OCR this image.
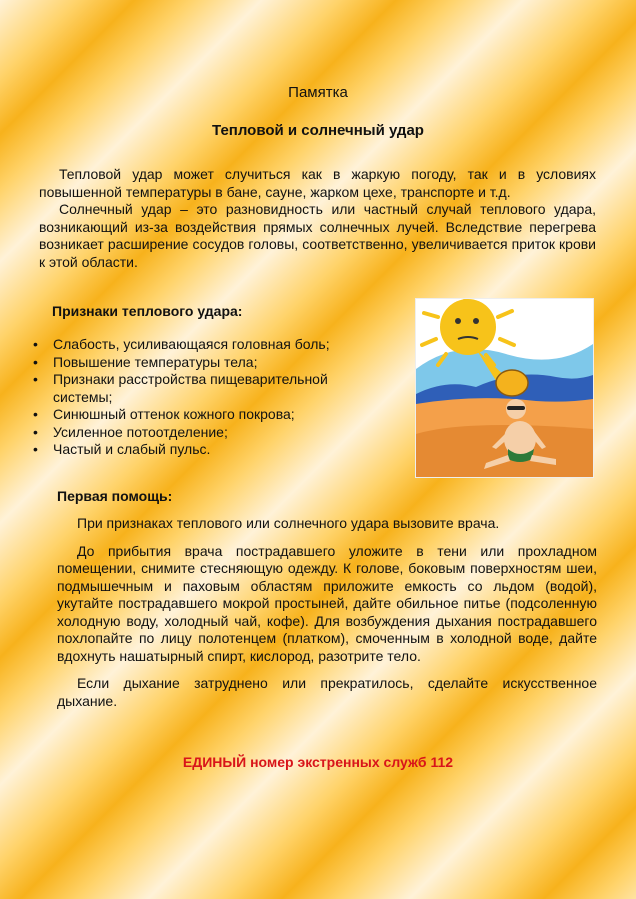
Памятка
Тепловой и солнечный удар

Тепловой удар может случиться как в жаркую погоду, так и в условиях повышенной температуры в бане, сауне, жарком цехе, транспорте и т.д.

Солнечный удар – это разновидность или частный случай теплового удара, возникающий из-за воздействия прямых солнечных лучей. Вследствие перегрева возникает расширение сосудов головы, соответственно, увеличивается приток крови к этой области.

Признаки теплового удара:
• Слабость, усиливающаяся головная боль;
• Повышение температуры тела;
• Признаки расстройства пищеварительной системы;
• Синюшный оттенок кожного покрова;
• Усиленное потоотделение;
• Частый и слабый пульс.
Первая помощь:

При признаках теплового или солнечного удара вызовите врача.

До прибытия врача пострадавшего уложите в тени или прохладном помещении, снимите стесняющую одежду. К голове, боковым поверхностям шеи, подмышечным и паховым областям приложите емкость со льдом (водой), укутайте пострадавшего мокрой простыней, дайте обильное питье (подсоленную холодную воду, холодный чай, кофе). Для возбуждения дыхания пострадавшего похлопайте по лицу полотенцем (платком), смоченным в холодной воде, дайте вдохнуть нашатырный спирт, кислород, разотрите тело.

Если дыхание затруднено или прекратилось, сделайте искусственное дыхание.

ЕДИНЫЙ номер экстренных служб 112
